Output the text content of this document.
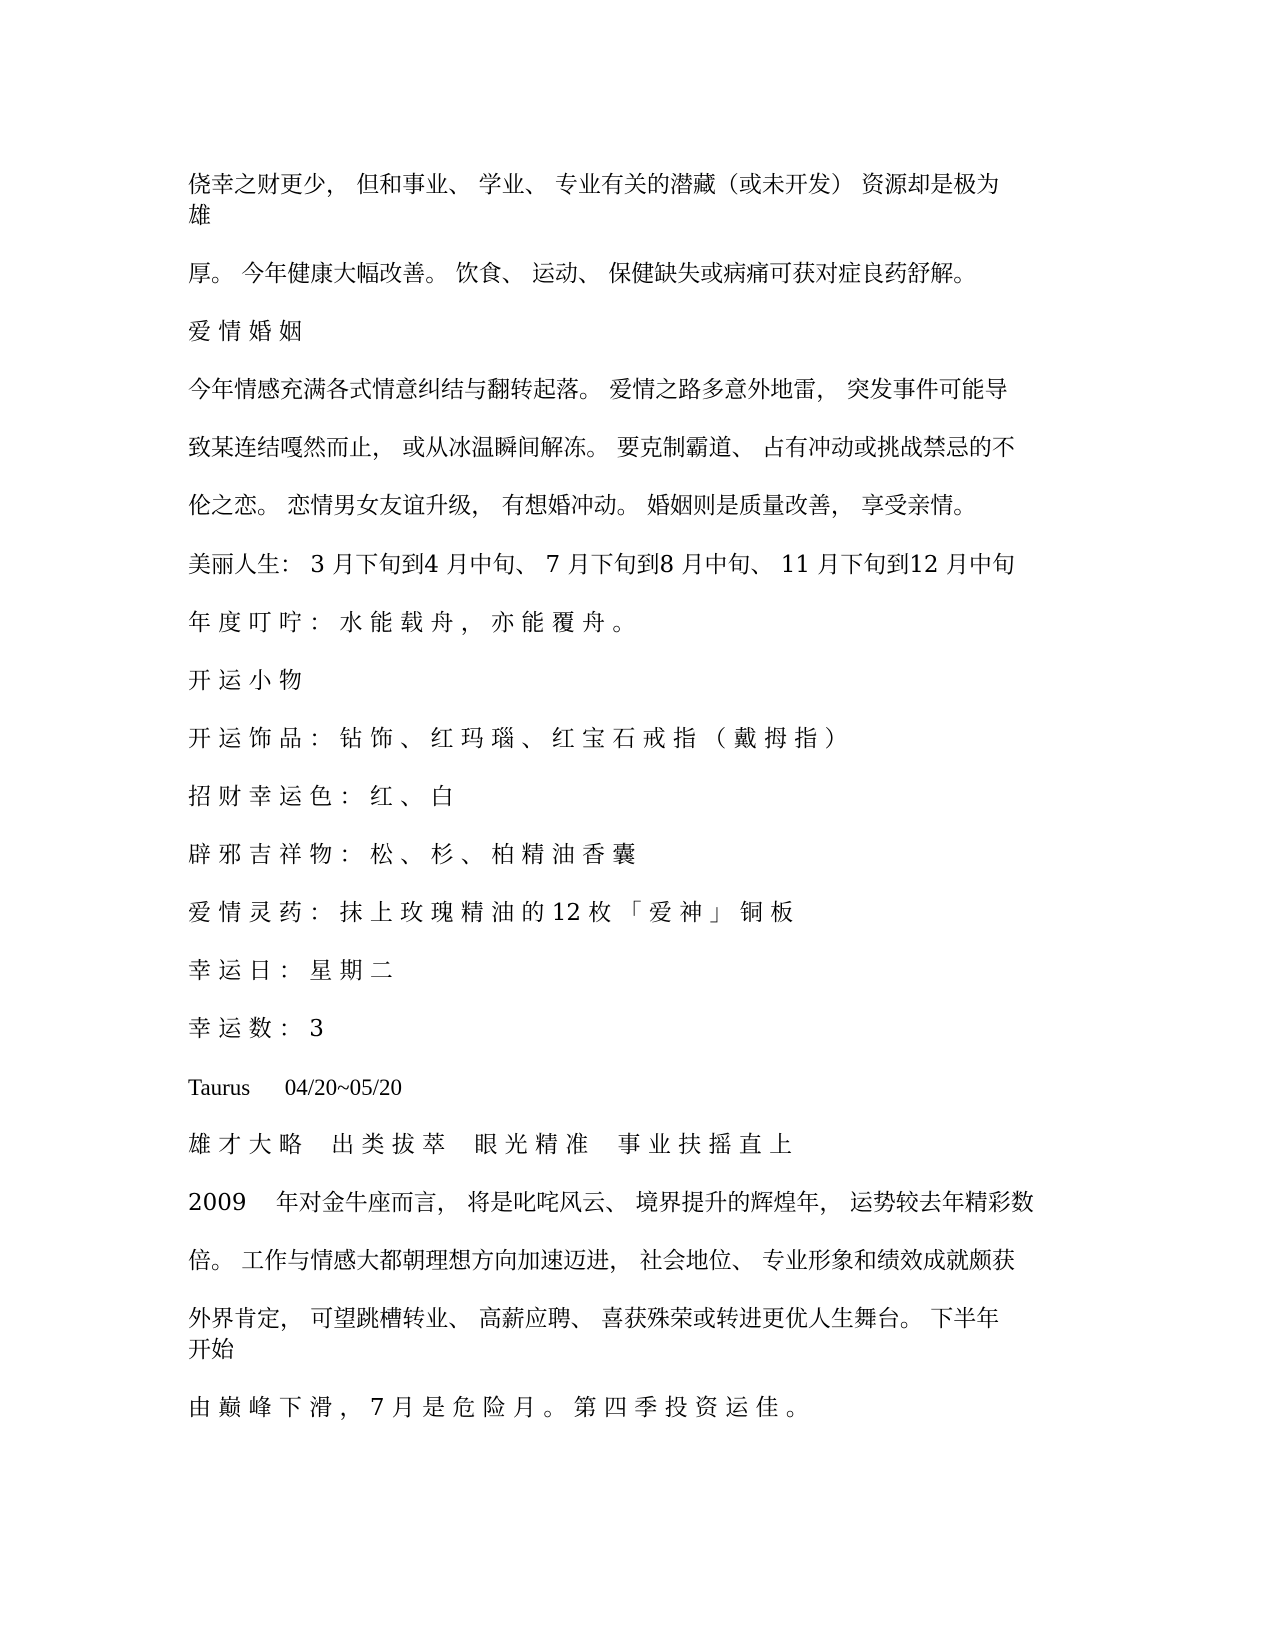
侥幸之财更少， 但和事业、 学业、 专业有关的潜藏（或未开发） 资源却是极为

雄

厚。 今年健康大幅改善。 饮食、 运动、 保健缺失或病痛可获对症良药舒解。

爱 情 婚 姻

今年情感充满各式情意纠结与翻转起落。 爱情之路多意外地雷， 突发事件可能导

致某连结嘎然而止， 或从冰温瞬间解冻。 要克制霸道、 占有冲动或挑战禁忌的不

伦之恋。 恋情男女友谊升级， 有想婚冲动。 婚姻则是质量改善， 享受亲情。

美丽人生： 3 月下旬到4 月中旬、 7 月下旬到8 月中旬、 11 月下旬到12 月中旬

年 度 叮 咛 ： 水 能 载 舟 ， 亦 能 覆 舟 。

开 运 小 物

开 运 饰 品 ： 钻 饰 、 红 玛 瑙 、 红 宝 石 戒 指 （ 戴 拇 指 ）

招 财 幸 运 色 ： 红 、 白

辟 邪 吉 祥 物 ： 松 、 杉 、 柏 精 油 香 囊

爱 情 灵 药 ： 抹 上 玫 瑰 精 油 的 12 枚 「 爱 神 」 铜 板

幸 运 日 ： 星 期 二

幸 运 数 ： 3

Taurus      04/20~05/20

雄 才 大 略    出 类 拔 萃    眼 光 精 准    事 业 扶 摇 直 上

2009    年对金牛座而言， 将是叱咤风云、 境界提升的辉煌年， 运势较去年精彩数

倍。 工作与情感大都朝理想方向加速迈进， 社会地位、 专业形象和绩效成就颇获

外界肯定， 可望跳槽转业、 高薪应聘、 喜获殊荣或转进更优人生舞台。 下半年

开始

由 巅 峰 下 滑 ， 7 月 是 危 险 月 。 第 四 季 投 资 运 佳 。
